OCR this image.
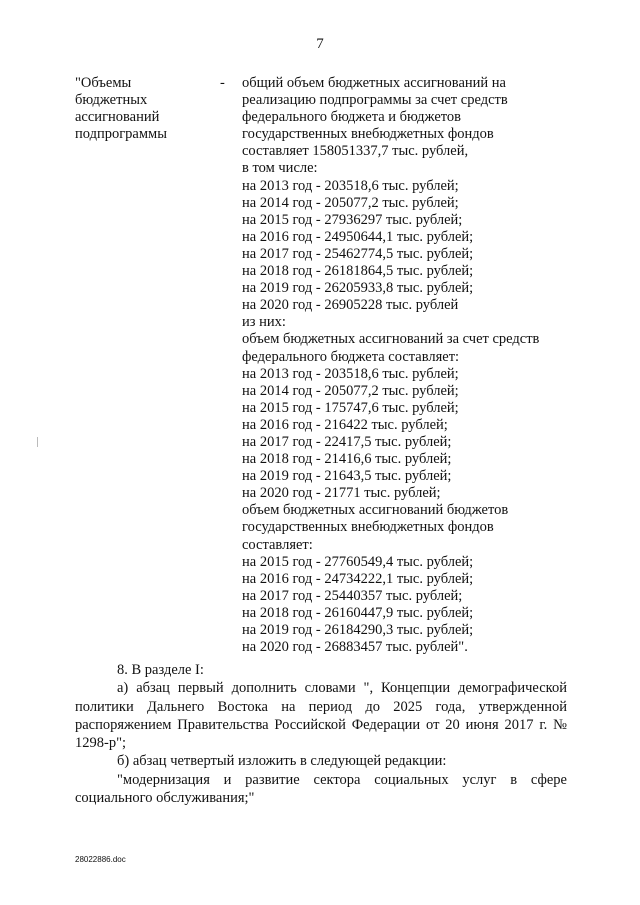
7
"Объемы
бюджетных
ассигнований
подпрограммы
- общий объем бюджетных ассигнований на
реализацию подпрограммы за счет средств
федерального бюджета и бюджетов
государственных внебюджетных фондов
составляет 158051337,7 тыс. рублей,
в том числе:
на 2013 год - 203518,6 тыс. рублей;
на 2014 год - 205077,2 тыс. рублей;
на 2015 год - 27936297 тыс. рублей;
на 2016 год - 24950644,1 тыс. рублей;
на 2017 год - 25462774,5 тыс. рублей;
на 2018 год - 26181864,5 тыс. рублей;
на 2019 год - 26205933,8 тыс. рублей;
на 2020 год - 26905228 тыс. рублей
из них:
объем бюджетных ассигнований за счет средств
федерального бюджета составляет:
на 2013 год - 203518,6 тыс. рублей;
на 2014 год - 205077,2 тыс. рублей;
на 2015 год - 175747,6 тыс. рублей;
на 2016 год - 216422 тыс. рублей;
на 2017 год - 22417,5 тыс. рублей;
на 2018 год - 21416,6 тыс. рублей;
на 2019 год - 21643,5 тыс. рублей;
на 2020 год - 21771 тыс. рублей;
объем бюджетных ассигнований бюджетов
государственных внебюджетных фондов
составляет:
на 2015 год - 27760549,4 тыс. рублей;
на 2016 год - 24734222,1 тыс. рублей;
на 2017 год - 25440357 тыс. рублей;
на 2018 год - 26160447,9 тыс. рублей;
на 2019 год - 26184290,3 тыс. рублей;
на 2020 год - 26883457 тыс. рублей".
8. В разделе I:
а) абзац первый дополнить словами ", Концепции демографической политики Дальнего Востока на период до 2025 года, утвержденной распоряжением Правительства Российской Федерации от 20 июня 2017 г. № 1298-р";
б) абзац четвертый изложить в следующей редакции:
"модернизация и развитие сектора социальных услуг в сфере
социального обслуживания;"
28022886.doc
